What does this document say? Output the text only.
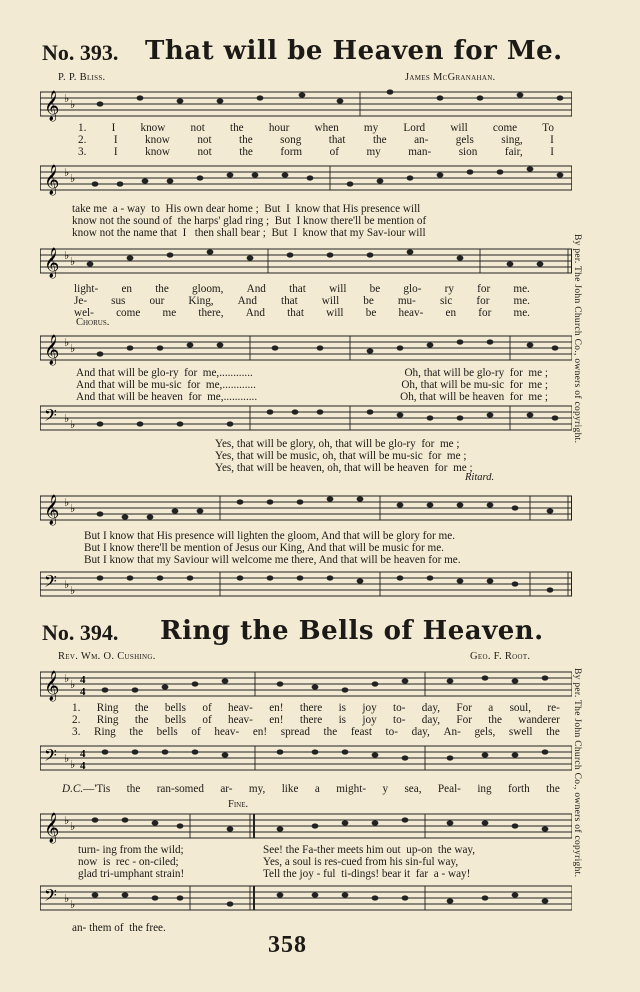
No. 393. That will be Heaven for Me.
P. P. Bliss.	James McGranahan.
𝄞 ♭ ♭
1. I know not the hour when my Lord will come To
2. I know not the song that the an- gels sing, I
3. I know not the form of my man- sion fair, I
𝄞 ♭ ♭
take me  a - way  to  His own dear home ;  But  I  know that His presence will
know not the sound of  the harps' glad ring ;  But  I know there'll be mention of
know not the name that  I   then shall bear ;  But  I  know that my Sav-iour will
𝄞 ♭ ♭
light- en the gloom, And that will be glo- ry for me.
Je- sus our King, And that will be mu- sic for me.
wel- come me there, And that will be heav- en for me.
Chorus.
𝄞 ♭ ♭
And that will be glo-ry  for  me,............	Oh, that will be glo-ry  for  me ;
And that will be mu-sic  for  me,............	Oh, that will be mu-sic  for  me ;
And that will be heaven  for  me,............	Oh, that will be heaven  for  me ;
𝄢 ♭ ♭
Yes, that will be glory, oh, that will be glo-ry  for  me ;
Yes, that will be music, oh, that will be mu-sic  for  me ;
Yes, that will be heaven, oh, that will be heaven  for  me ;
Ritard.
𝄞 ♭ ♭
But I know that His presence will lighten the gloom, And that will be glory for me.
But I know there'll be mention of Jesus our King, And that will be music for me.
But I know that my Saviour will welcome me there, And that will be heaven for me.
𝄢 ♭ ♭
No. 394. Ring the Bells of Heaven.
Rev. Wm. O. Cushing.	Geo. F. Root.
𝄞 ♭ ♭ 4
4
1. Ring the bells of heav- en! there is joy to- day, For a soul, re-
2. Ring the bells of heav- en! there is joy to- day, For the wanderer
3. Ring the bells of heav- en! spread the feast to- day, An- gels, swell the
𝄢 ♭ ♭
4
4
D.C.—'Tis the ran-somed ar- my, like a might- y sea, Peal- ing forth the
Fine.
𝄞 ♭ ♭
turn- ing from the wild;
now  is  rec - on-ciled;
glad tri-umphant strain!
See! the Fa-ther meets him out  up-on  the way,
Yes, a soul is res-cued from his sin-ful way,
Tell the joy - ful  ti-dings! bear it  far  a - way!
𝄢 ♭ ♭
an- them of  the free.
By per. The John Church Co., owners of copyright.
By per. The John Church Co., owners of copyright.
358
